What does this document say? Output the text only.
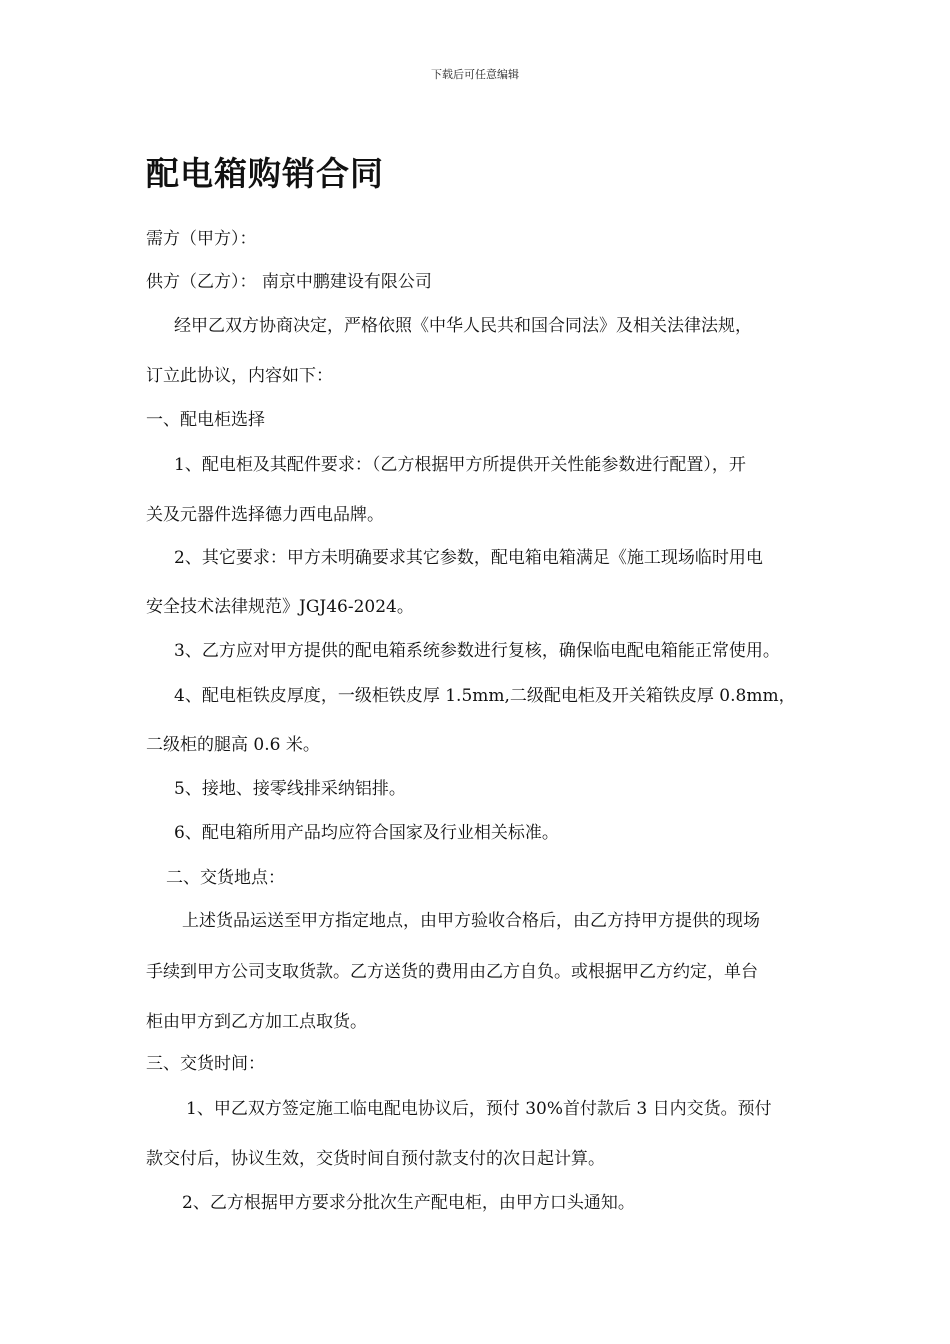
下载后可任意编辑
配电箱购销合同
需方（甲方）：
供方（乙方）： 南京中鹏建设有限公司
经甲乙双方协商决定，严格依照《中华人民共和国合同法》及相关法律法规，
订立此协议，内容如下：
一、配电柜选择
1、配电柜及其配件要求：（乙方根据甲方所提供开关性能参数进行配置），开
关及元器件选择德力西电品牌。
2、其它要求：甲方未明确要求其它参数，配电箱电箱满足《施工现场临时用电
安全技术法律规范》JGJ46-2024。
3、乙方应对甲方提供的配电箱系统参数进行复核，确保临电配电箱能正常使用。
4、配电柜铁皮厚度，一级柜铁皮厚 1.5mm,二级配电柜及开关箱铁皮厚 0.8mm，
二级柜的腿高 0.6 米。
5、接地、接零线排采纳铝排。
6、配电箱所用产品均应符合国家及行业相关标准。
二、交货地点：
上述货品运送至甲方指定地点，由甲方验收合格后，由乙方持甲方提供的现场
手续到甲方公司支取货款。乙方送货的费用由乙方自负。或根据甲乙方约定，单台
柜由甲方到乙方加工点取货。
三、交货时间：
1、甲乙双方签定施工临电配电协议后，预付 30%首付款后 3 日内交货。预付
款交付后，协议生效，交货时间自预付款支付的次日起计算。
2、乙方根据甲方要求分批次生产配电柜，由甲方口头通知。
